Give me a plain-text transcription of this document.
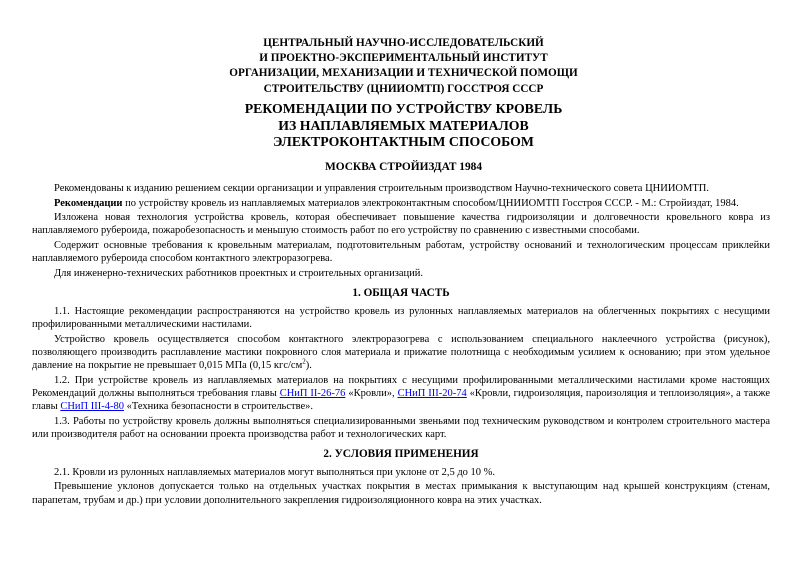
ЦЕНТРАЛЬНЫЙ НАУЧНО-ИССЛЕДОВАТЕЛЬСКИЙ
И ПРОЕКТНО-ЭКСПЕРИМЕНТАЛЬНЫЙ ИНСТИТУТ
ОРГАНИЗАЦИИ, МЕХАНИЗАЦИИ И ТЕХНИЧЕСКОЙ ПОМОЩИ
СТРОИТЕЛЬСТВУ (ЦНИИОМТП) ГОССТРОЯ СССР
РЕКОМЕНДАЦИИ ПО УСТРОЙСТВУ КРОВЕЛЬ
ИЗ НАПЛАВЛЯЕМЫХ МАТЕРИАЛОВ
ЭЛЕКТРОКОНТАКТНЫМ СПОСОБОМ
МОСКВА СТРОЙИЗДАТ 1984

Рекомендованы к изданию решением секции организации и управления строительным производством Научно-технического совета ЦНИИОМТП.

Рекомендации по устройству кровель из наплавляемых материалов электроконтактным способом/ЦНИИОМТП Госстроя СССР. - М.: Стройиздат, 1984.

Изложена новая технология устройства кровель, которая обеспечивает повышение качества гидроизоляции и долговечности кровельного ковра из наплавляемого рубероида, пожаробезопасность и меньшую стоимость работ по его устройству по сравнению с известными способами.

Содержит основные требования к кровельным материалам, подготовительным работам, устройству оснований и технологическим процессам приклейки наплавляемого рубероида способом контактного электроразогрева.

Для инженерно-технических работников проектных и строительных организаций.

1. ОБЩАЯ ЧАСТЬ

1.1. Настоящие рекомендации распространяются на устройство кровель из рулонных наплавляемых материалов на облегченных покрытиях с несущими профилированными металлическими настилами.

Устройство кровель осуществляется способом контактного электроразогрева с использованием специального наклеечного устройства (рисунок), позволяющего производить расплавление мастики покровного слоя материала и прижатие полотнища с необходимым усилием к основанию; при этом удельное давление на покрытие не превышает 0,015 МПа (0,15 кгс/$см^2$).

1.2. При устройстве кровель из наплавляемых материалов на покрытиях с несущими профилированными металлическими настилами кроме настоящих Рекомендаций должны выполняться требования главы СНиП II-26-76 «Кровли», СНиП III-20-74 «Кровли, гидроизоляция, пароизоляция и теплоизоляция», а также главы СНиП III-4-80 «Техника безопасности в строительстве».

1.3. Работы по устройству кровель должны выполняться специализированными звеньями под техническим руководством и контролем строительного мастера или производителя работ на основании проекта производства работ и технологических карт.

2. УСЛОВИЯ ПРИМЕНЕНИЯ

2.1. Кровли из рулонных наплавляемых материалов могут выполняться при уклоне от 2,5 до 10 %.

Превышение уклонов допускается только на отдельных участках покрытия в местах примыкания к выступающим над крышей конструкциям (стенам, парапетам, трубам и др.) при условии дополнительного закрепления гидроизоляционного ковра на этих участках.
